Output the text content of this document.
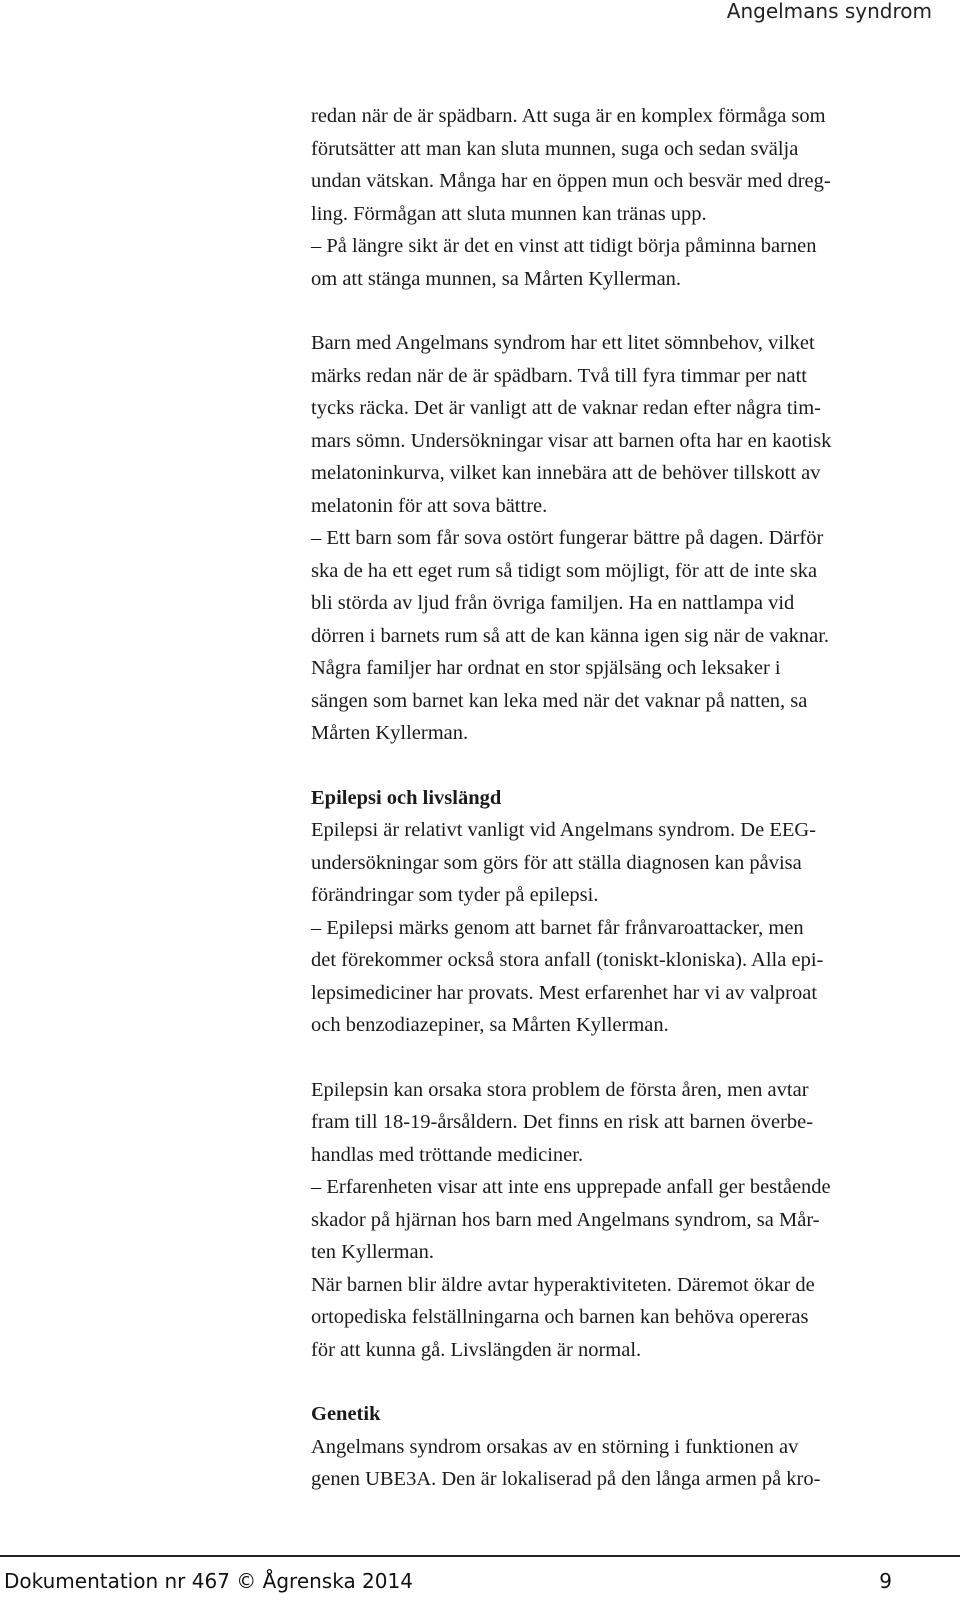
Angelmans syndrom

redan när de är spädbarn. Att suga är en komplex förmåga som

förutsätter att man kan sluta munnen, suga och sedan svälja

undan vätskan. Många har en öppen mun och besvär med dreg-

ling. Förmågan att sluta munnen kan tränas upp.

– På längre sikt är det en vinst att tidigt börja påminna barnen

om att stänga munnen, sa Mårten Kyllerman.

Barn med Angelmans syndrom har ett litet sömnbehov, vilket

märks redan när de är spädbarn. Två till fyra timmar per natt

tycks räcka. Det är vanligt att de vaknar redan efter några tim-

mars sömn. Undersökningar visar att barnen ofta har en kaotisk

melatoninkurva, vilket kan innebära att de behöver tillskott av

melatonin för att sova bättre.

– Ett barn som får sova ostört fungerar bättre på dagen. Därför

ska de ha ett eget rum så tidigt som möjligt, för att de inte ska

bli störda av ljud från övriga familjen. Ha en nattlampa vid

dörren i barnets rum så att de kan känna igen sig när de vaknar.

Några familjer har ordnat en stor spjälsäng och leksaker i

sängen som barnet kan leka med när det vaknar på natten, sa

Mårten Kyllerman.

Epilepsi och livslängd

Epilepsi är relativt vanligt vid Angelmans syndrom. De EEG-

undersökningar som görs för att ställa diagnosen kan påvisa

förändringar som tyder på epilepsi.

– Epilepsi märks genom att barnet får frånvaroattacker, men

det förekommer också stora anfall (toniskt-kloniska). Alla epi-

lepsimediciner har provats. Mest erfarenhet har vi av valproat

och benzodiazepiner, sa Mårten Kyllerman.

Epilepsin kan orsaka stora problem de första åren, men avtar

fram till 18-19-årsåldern. Det finns en risk att barnen överbe-

handlas med tröttande mediciner.

– Erfarenheten visar att inte ens upprepade anfall ger bestående

skador på hjärnan hos barn med Angelmans syndrom, sa Mår-

ten Kyllerman.

När barnen blir äldre avtar hyperaktiviteten. Däremot ökar de

ortopediska felställningarna och barnen kan behöva opereras

för att kunna gå. Livslängden är normal.

Genetik

Angelmans syndrom orsakas av en störning i funktionen av

genen UBE3A. Den är lokaliserad på den långa armen på kro-

Dokumentation nr 467 © Ågrenska 2014	9
